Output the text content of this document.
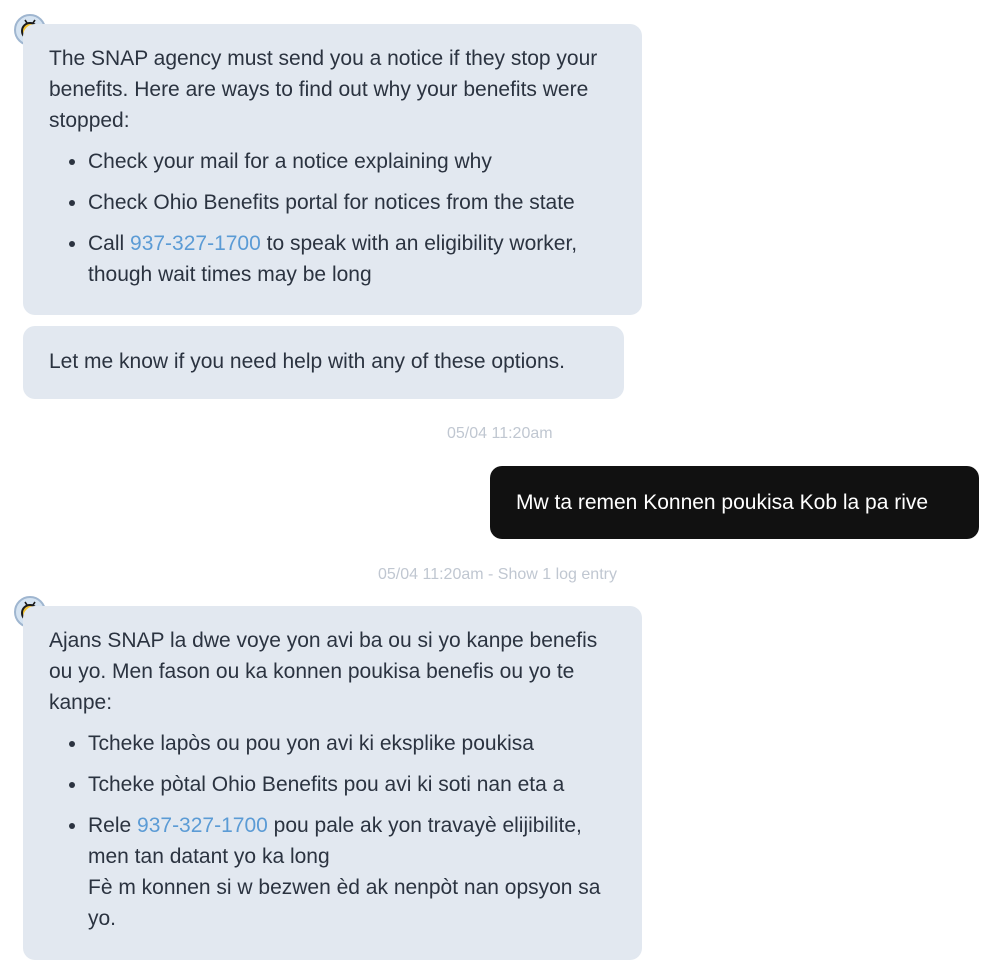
The SNAP agency must send you a notice if they stop your benefits. Here are ways to find out why your benefits were stopped:

Check your mail for a notice explaining why
Check Ohio Benefits portal for notices from the state
Call 937-327-1700 to speak with an eligibility worker, though wait times may be long

Let me know if you need help with any of these options.

05/04 11:20am
Mw ta remen Konnen poukisa Kob la pa rive
05/04 11:20am - Show 1 log entry

Ajans SNAP la dwe voye yon avi ba ou si yo kanpe benefis ou yo. Men fason ou ka konnen poukisa benefis ou yo te kanpe:

Tcheke lapòs ou pou yon avi ki eksplike poukisa
Tcheke pòtal Ohio Benefits pou avi ki soti nan eta a
Rele 937-327-1700 pou pale ak yon travayè elijibilite, men tan datant yo ka long
Fè m konnen si w bezwen èd ak nenpòt nan opsyon sa yo.
